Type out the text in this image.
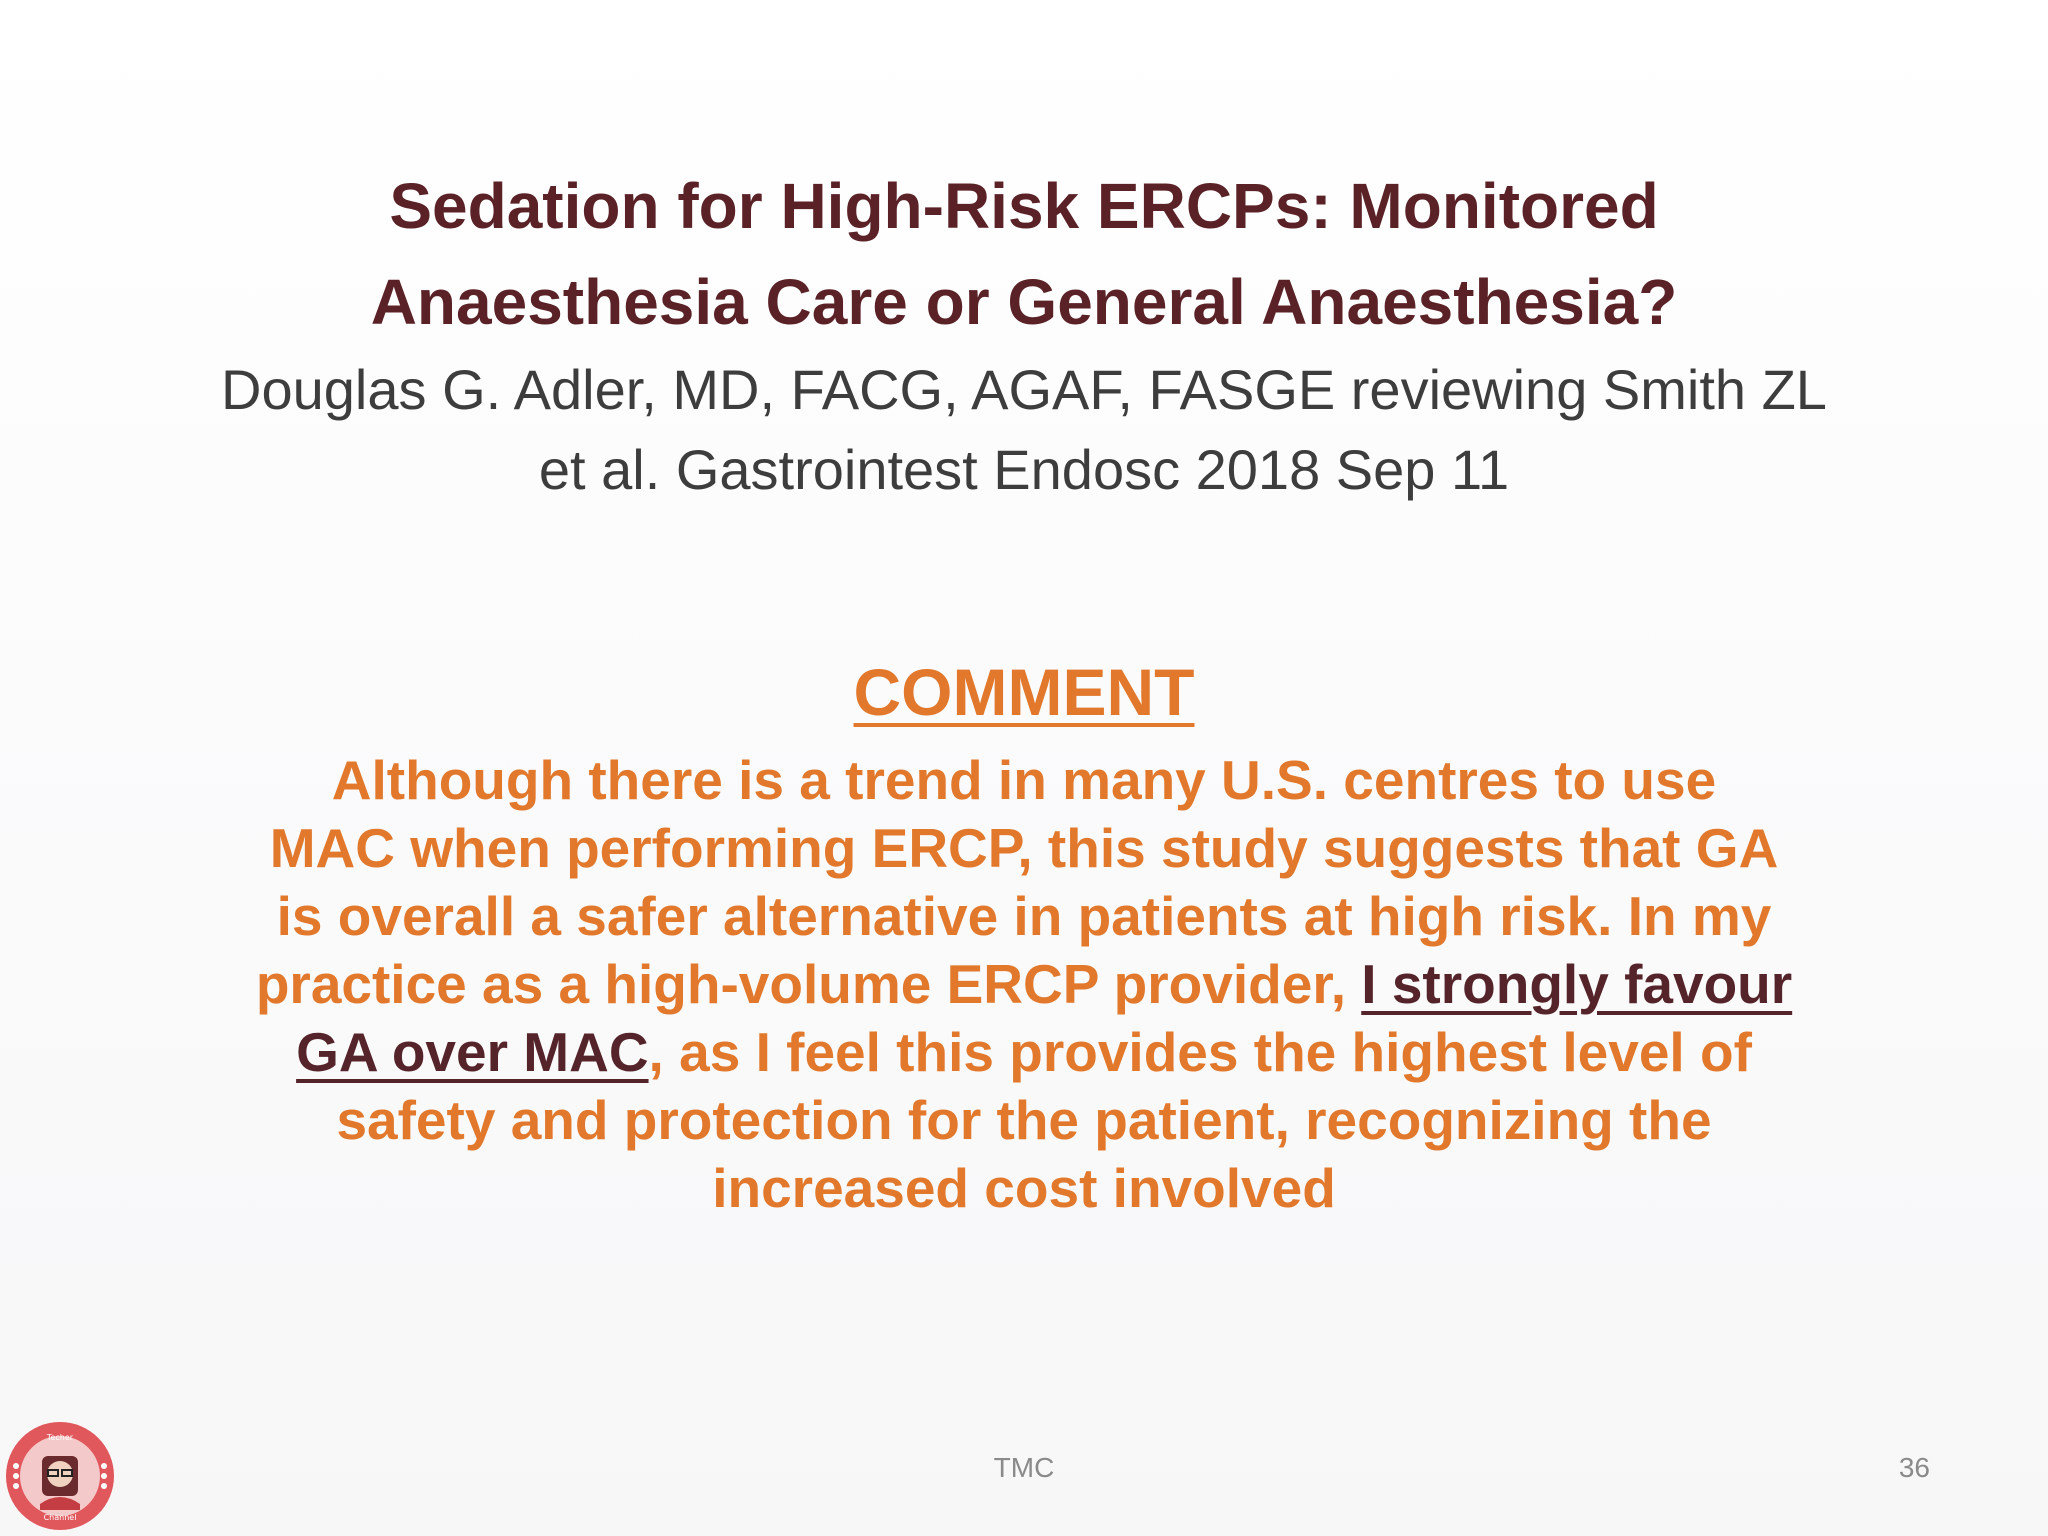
Sedation for High-Risk ERCPs: Monitored
Anaesthesia Care or General Anaesthesia?

Douglas G. Adler, MD, FACG, AGAF, FASGE reviewing Smith ZL
et al. Gastrointest Endosc 2018 Sep 11

COMMENT

Although there is a trend in many U.S. centres to use
MAC when performing ERCP, this study suggests that GA
is overall a safer alternative in patients at high risk. In my
practice as a high-volume ERCP provider, I strongly favour
GA over MAC, as I feel this provides the highest level of
safety and protection for the patient, recognizing the
increased cost involved

TMC	36
Techer
Channel
